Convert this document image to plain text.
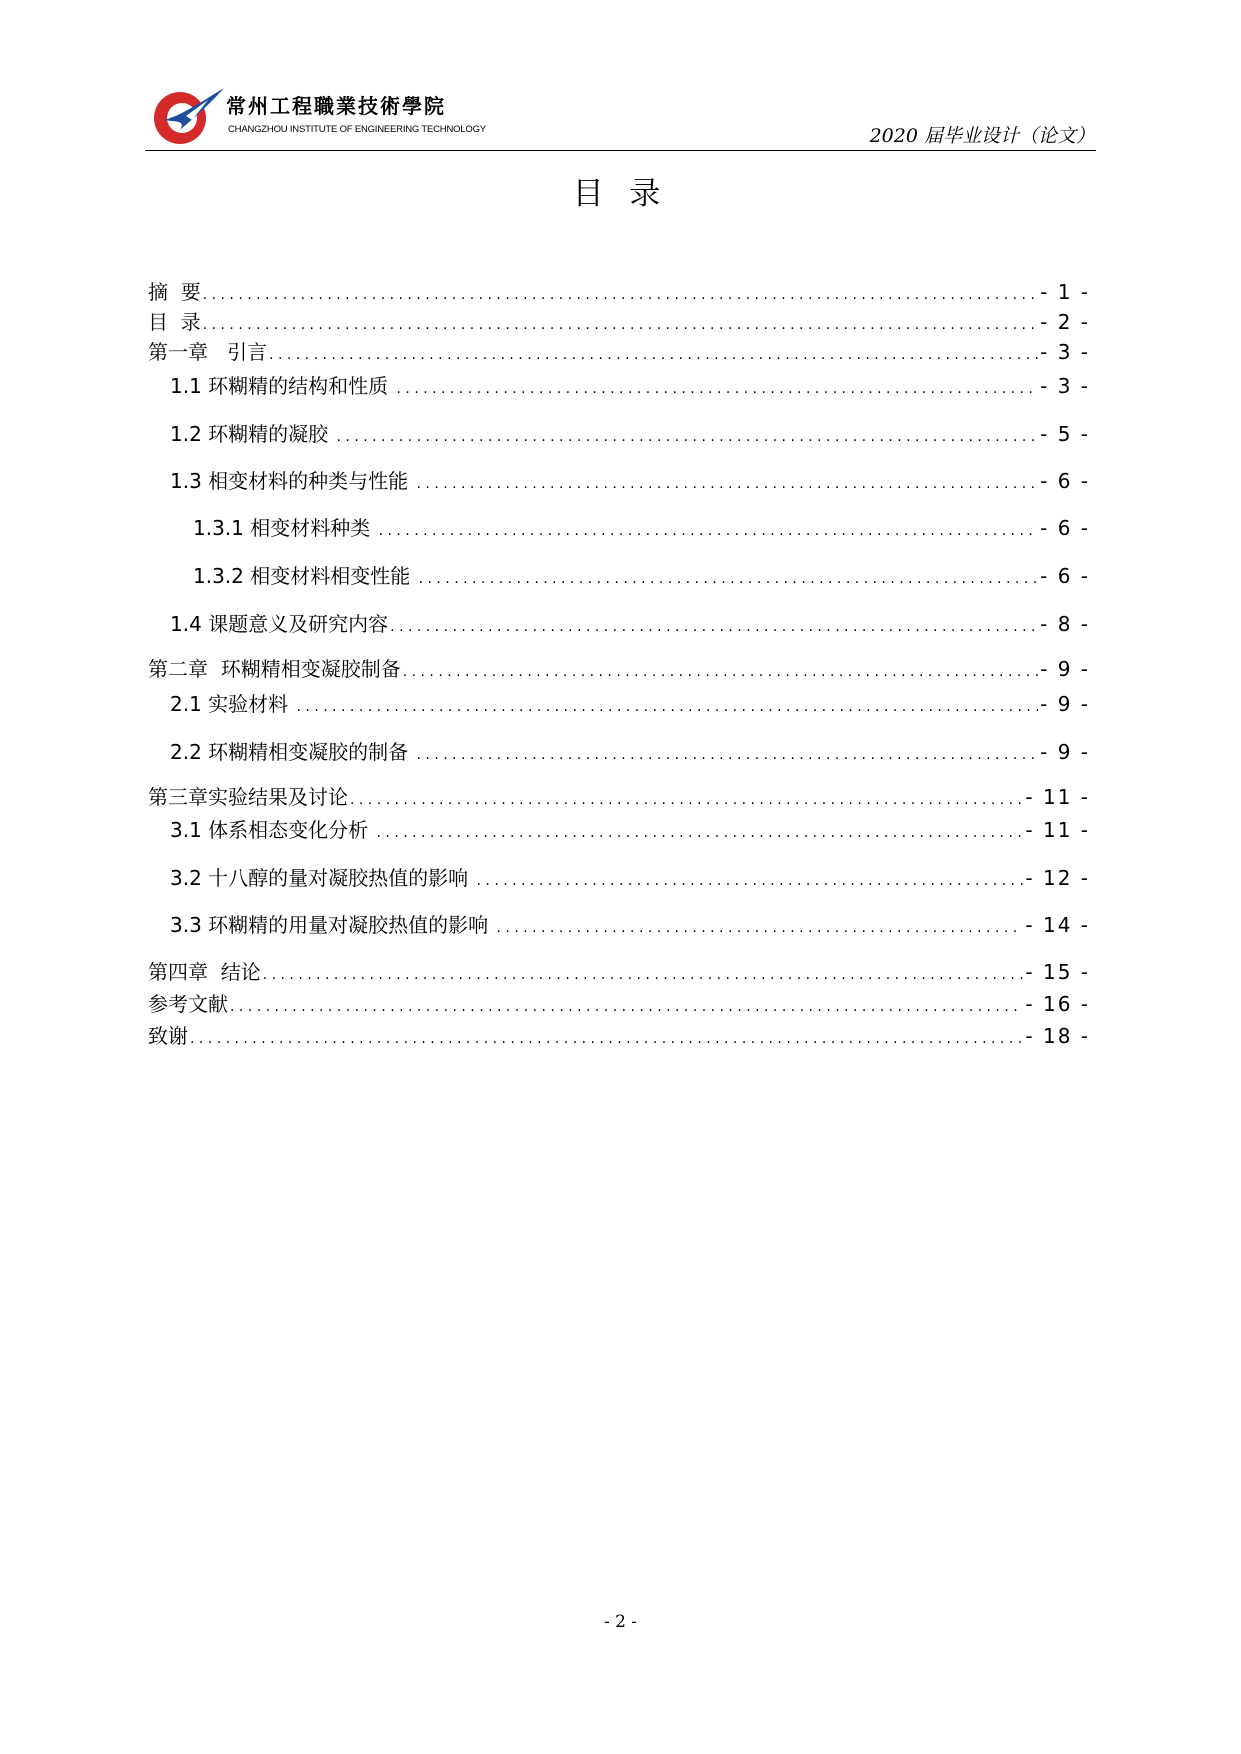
常州工程職業技術學院
CHANGZHOU INSTITUTE OF ENGINEERING TECHNOLOGY	2020 届毕业设计（论文）
目 录
摘  要 . . .	- 1 -
目  录 . . .	- 2 -
第一章   引言 . . .	- 3 -
1.1 环糊精的结构和性质 . . .	- 3 -
1.2 环糊精的凝胶 . . .	- 5 -
1.3 相变材料的种类与性能 . . .	- 6 -
1.3.1 相变材料种类 . . .	- 6 -
1.3.2 相变材料相变性能 . . .	- 6 -
1.4 课题意义及研究内容 . . .	- 8 -
第二章  环糊精相变凝胶制备 . . .	- 9 -
2.1 实验材料 . . .	- 9 -
2.2 环糊精相变凝胶的制备 . . .	- 9 -
第三章实验结果及讨论 . . .	- 11 -
3.1 体系相态变化分析 . . .	- 11 -
3.2 十八醇的量对凝胶热值的影响 . . .	- 12 -
3.3 环糊精的用量对凝胶热值的影响 . . .	- 14 -
第四章  结论 . . .	- 15 -
参考文献 . . .	- 16 -
致谢 . . .	- 18 -
- 2 -
